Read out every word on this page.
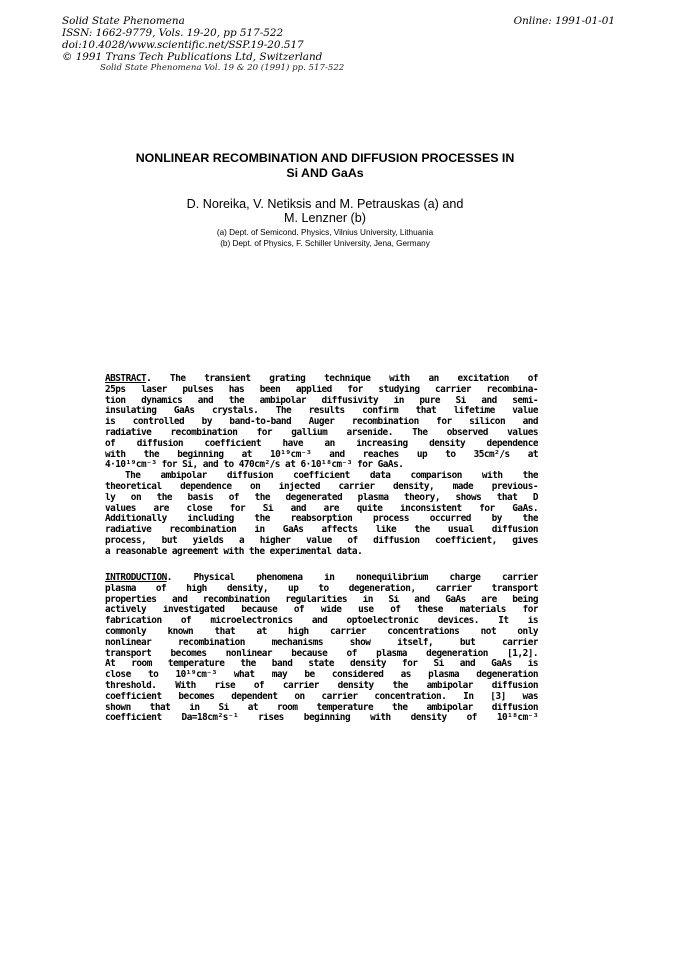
Solid State Phenomena
ISSN: 1662-9779, Vols. 19-20, pp 517-522
doi:10.4028/www.scientific.net/SSP.19-20.517
© 1991 Trans Tech Publications Ltd, Switzerland
Online: 1991-01-01
Solid State Phenomena Vol. 19 & 20 (1991) pp. 517-522
NONLINEAR RECOMBINATION AND DIFFUSION PROCESSES IN
Si AND GaAs
D. Noreika, V. Netiksis and M. Petrauskas (a) and
M. Lenzner (b)
(a) Dept. of Semicond. Physics, Vilnius University, Lithuania
(b) Dept. of Physics, F. Schiller University, Jena, Germany
ABSTRACT. The transient grating technique with an excitation of
25ps laser pulses has been applied for studying carrier recombina-
tion dynamics and the ambipolar diffusivity in pure Si and semi-
insulating GaAs crystals. The results confirm that lifetime value
is controlled by band-to-band Auger recombination for silicon and
radiative recombination for gallium arsenide. The observed values
of diffusion coefficient have an increasing density dependence
with the beginning at 10¹⁹cm⁻³ and reaches up to 35cm²/s at
4·10¹⁹cm⁻³ for Si, and to 470cm²/s at 6·10¹⁸cm⁻³ for GaAs.
The ambipolar diffusion coefficient data comparison with the
theoretical dependence on injected carrier density, made previous-
ly on the basis of the degenerated plasma theory, shows that D
values are close for Si and are quite inconsistent for GaAs.
Additionally including the reabsorption process occurred by the
radiative recombination in GaAs affects like the usual diffusion
process, but yields a higher value of diffusion coefficient, gives
a reasonable agreement with the experimental data.
INTRODUCTION. Physical phenomena in nonequilibrium charge carrier
plasma of high density, up to degeneration, carrier transport
properties and recombination regularities in Si and GaAs are being
actively investigated because of wide use of these materials for
fabrication of microelectronics and optoelectronic devices. It is
commonly known that at high carrier concentrations not only
nonlinear recombination mechanisms show itself, but carrier
transport becomes nonlinear because of plasma degeneration [1,2].
At room temperature the band state density for Si and GaAs is
close to 10¹⁹cm⁻³ what may be considered as plasma degeneration
threshold. With rise of carrier density the ambipolar diffusion
coefficient becomes dependent on carrier concentration. In [3] was
shown that in Si at room temperature the ambipolar diffusion
coefficient Da=18cm²s⁻¹ rises beginning with density of 10¹⁸cm⁻³
